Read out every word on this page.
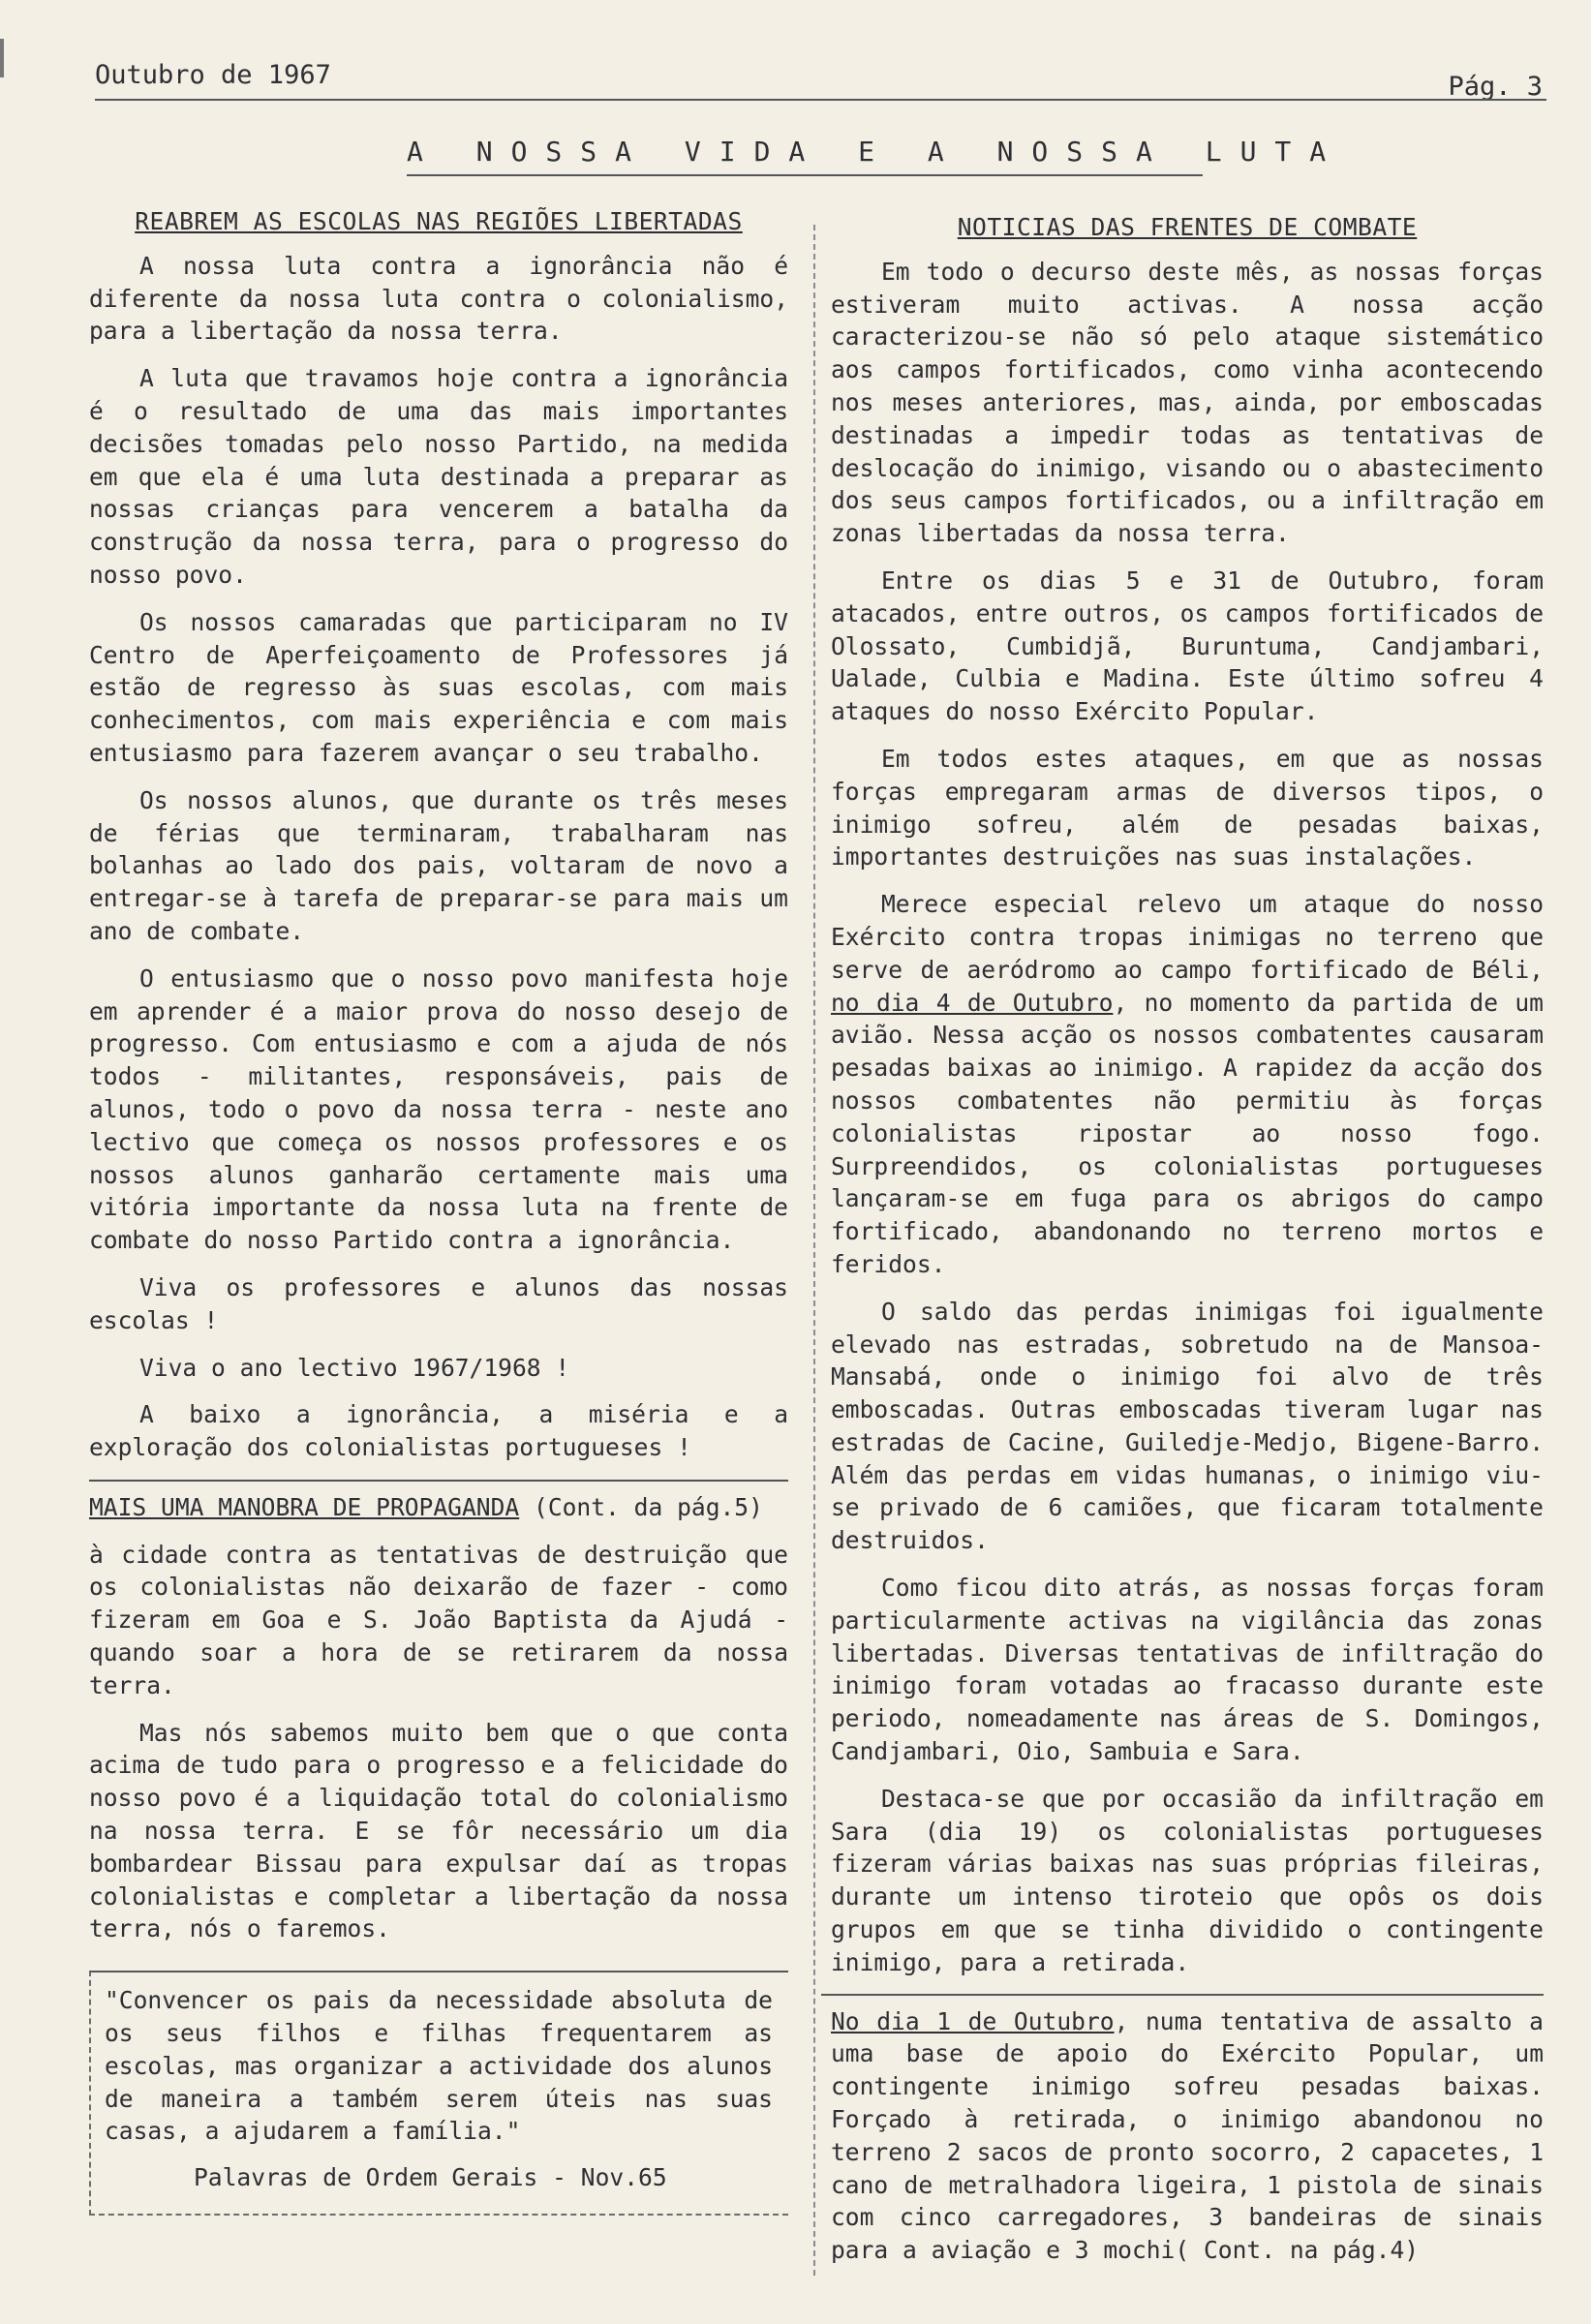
Outubro de 1967	Pág. 3
A NOSSA VIDA E A NOSSA LUTA
REABREM AS ESCOLAS NAS REGIÕES LIBERTADAS

A nossa luta contra a ignorância não é diferente da nossa luta contra o colonialismo, para a libertação da nossa terra.

A luta que travamos hoje contra a ignorância é o resultado de uma das mais importantes decisões tomadas pelo nosso Partido, na medida em que ela é uma luta destinada a preparar as nossas crianças para vencerem a batalha da construção da nossa terra, para o progresso do nosso povo.

Os nossos camaradas que participaram no IV Centro de Aperfeiçoamento de Professores já estão de regresso às suas escolas, com mais conhecimentos, com mais experiência e com mais entusiasmo para fazerem avançar o seu trabalho.

Os nossos alunos, que durante os três meses de férias que terminaram, trabalharam nas bolanhas ao lado dos pais, voltaram de novo a entregar-se à tarefa de preparar-se para mais um ano de combate.

O entusiasmo que o nosso povo manifesta hoje em aprender é a maior prova do nosso desejo de progresso. Com entusiasmo e com a ajuda de nós todos - militantes, responsáveis, pais de alunos, todo o povo da nossa terra - neste ano lectivo que começa os nossos professores e os nossos alunos ganharão certamente mais uma vitória importante da nossa luta na frente de combate do nosso Partido contra a ignorância.

Viva os professores e alunos das nossas escolas !

Viva o ano lectivo 1967/1968 !

A baixo a ignorância, a miséria e a exploração dos colonialistas portugueses !

MAIS UMA MANOBRA DE PROPAGANDA (Cont. da pág.5)

à cidade contra as tentativas de destruição que os colonialistas não deixarão de fazer - como fizeram em Goa e S. João Baptista da Ajudá - quando soar a hora de se retirarem da nossa terra.

Mas nós sabemos muito bem que o que conta acima de tudo para o progresso e a felicidade do nosso povo é a liquidação total do colonialismo na nossa terra. E se fôr necessário um dia bombardear Bissau para expulsar daí as tropas colonialistas e completar a libertação da nossa terra, nós o faremos.

"Convencer os pais da necessidade absoluta de os seus filhos e filhas frequentarem as escolas, mas organizar a actividade dos alunos de maneira a também serem úteis nas suas casas, a ajudarem a família."

Palavras de Ordem Gerais - Nov.65

NOTICIAS DAS FRENTES DE COMBATE

Em todo o decurso deste mês, as nossas forças estiveram muito activas. A nossa acção caracterizou-se não só pelo ataque sistemático aos campos fortificados, como vinha acontecendo nos meses anteriores, mas, ainda, por emboscadas destinadas a impedir todas as tentativas de deslocação do inimigo, visando ou o abastecimento dos seus campos fortificados, ou a infiltração em zonas libertadas da nossa terra.

Entre os dias 5 e 31 de Outubro, foram atacados, entre outros, os campos fortificados de Olossato, Cumbidjã, Buruntuma, Candjambari, Ualade, Culbia e Madina. Este último sofreu 4 ataques do nosso Exército Popular.

Em todos estes ataques, em que as nossas forças empregaram armas de diversos tipos, o inimigo sofreu, além de pesadas baixas, importantes destruições nas suas instalações.

Merece especial relevo um ataque do nosso Exército contra tropas inimigas no terreno que serve de aeródromo ao campo fortificado de Béli, no dia 4 de Outubro, no momento da partida de um avião. Nessa acção os nossos combatentes causaram pesadas baixas ao inimigo. A rapidez da acção dos nossos combatentes não permitiu às forças colonialistas ripostar ao nosso fogo. Surpreendidos, os colonialistas portugueses lançaram-se em fuga para os abrigos do campo fortificado, abandonando no terreno mortos e feridos.

O saldo das perdas inimigas foi igualmente elevado nas estradas, sobretudo na de Mansoa-Mansabá, onde o inimigo foi alvo de três emboscadas. Outras emboscadas tiveram lugar nas estradas de Cacine, Guiledje-Medjo, Bigene-Barro. Além das perdas em vidas humanas, o inimigo viu-se privado de 6 camiões, que ficaram totalmente destruidos.

Como ficou dito atrás, as nossas forças foram particularmente activas na vigilância das zonas libertadas. Diversas tentativas de infiltração do inimigo foram votadas ao fracasso durante este periodo, nomeadamente nas áreas de S. Domingos, Candjambari, Oio, Sambuia e Sara.

Destaca-se que por occasião da infiltração em Sara (dia 19) os colonialistas portugueses fizeram várias baixas nas suas próprias fileiras, durante um intenso tiroteio que opôs os dois grupos em que se tinha dividido o contingente inimigo, para a retirada.

No dia 1 de Outubro, numa tentativa de assalto a uma base de apoio do Exército Popular, um contingente inimigo sofreu pesadas baixas. Forçado à retirada, o inimigo abandonou no terreno 2 sacos de pronto socorro, 2 capacetes, 1 cano de metralhadora ligeira, 1 pistola de sinais com cinco carregadores, 3 bandeiras de sinais para a aviação e 3 mochi( Cont. na pág.4)
